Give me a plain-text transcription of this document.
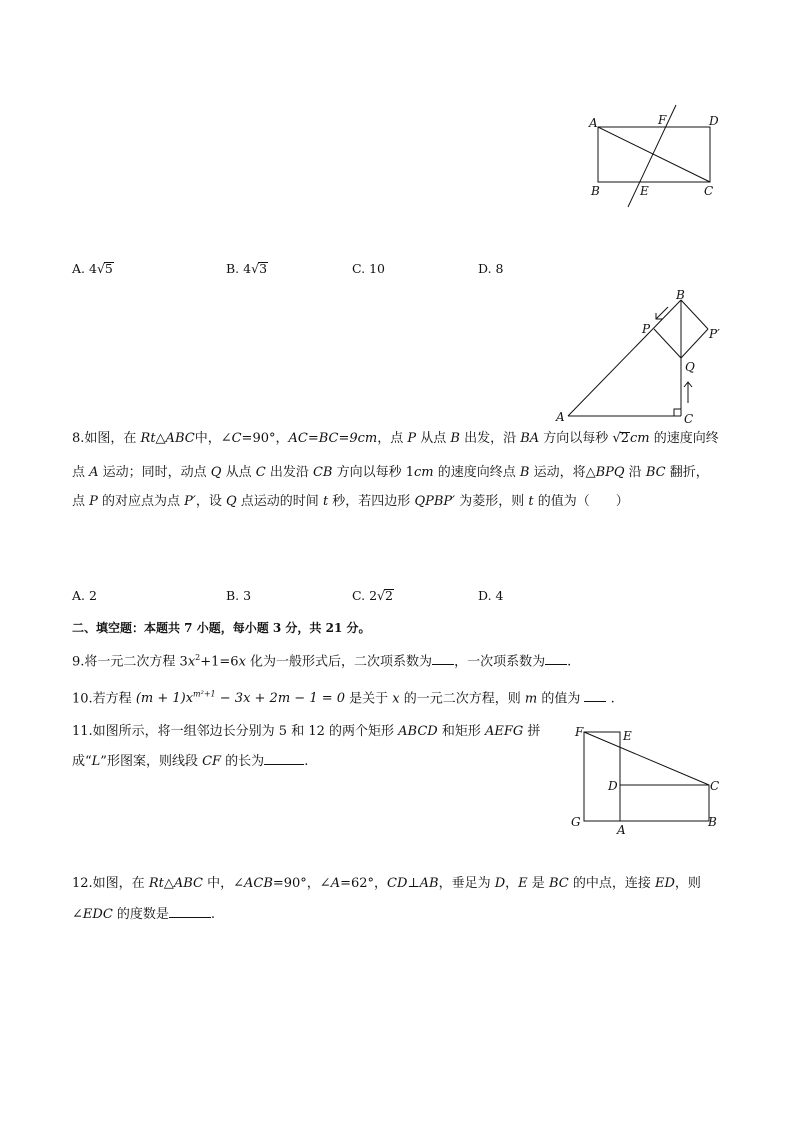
A	F	D
B	E	C
A. 4√5	B. 4√3	C. 10	D. 8
B
P	P′
Q
A	C
8.如图，在 Rt△ABC中，∠C=90°，AC=BC=9cm，点 P 从点 B 出发，沿 BA 方向以每秒 √2cm 的速度向终
点 A 运动；同时，动点 Q 从点 C 出发沿 CB 方向以每秒 1cm 的速度向终点 B 运动，将△BPQ 沿 BC 翻折，
点 P 的对应点为点 P′，设 Q 点运动的时间 t 秒，若四边形 QPBP′ 为菱形，则 t 的值为（　　）
A. 2	B. 3	C. 2√2	D. 4
二、填空题：本题共 7 小题，每小题 3 分，共 21 分。
9.将一元二次方程 $3x^2+1=6x$ 化为一般形式后，二次项系数为 ，一次项系数为 .
10.若方程 $(m + 1)x^{m^2+1} - 3x + 2m - 1 = 0$ 是关于 x 的一元二次方程，则 m 的值为  .
11.如图所示，将一组邻边长分别为 5 和 12 的两个矩形 ABCD 和矩形 AEFG 拼
成“L”形图案，则线段 CF 的长为	.
F	E
D	C
G
A
B
12.如图，在 Rt△ABC 中，∠ACB=90°，∠A=62°，CD⊥AB，垂足为 D，E 是 BC 的中点，连接 ED，则
∠EDC 的度数是	.
